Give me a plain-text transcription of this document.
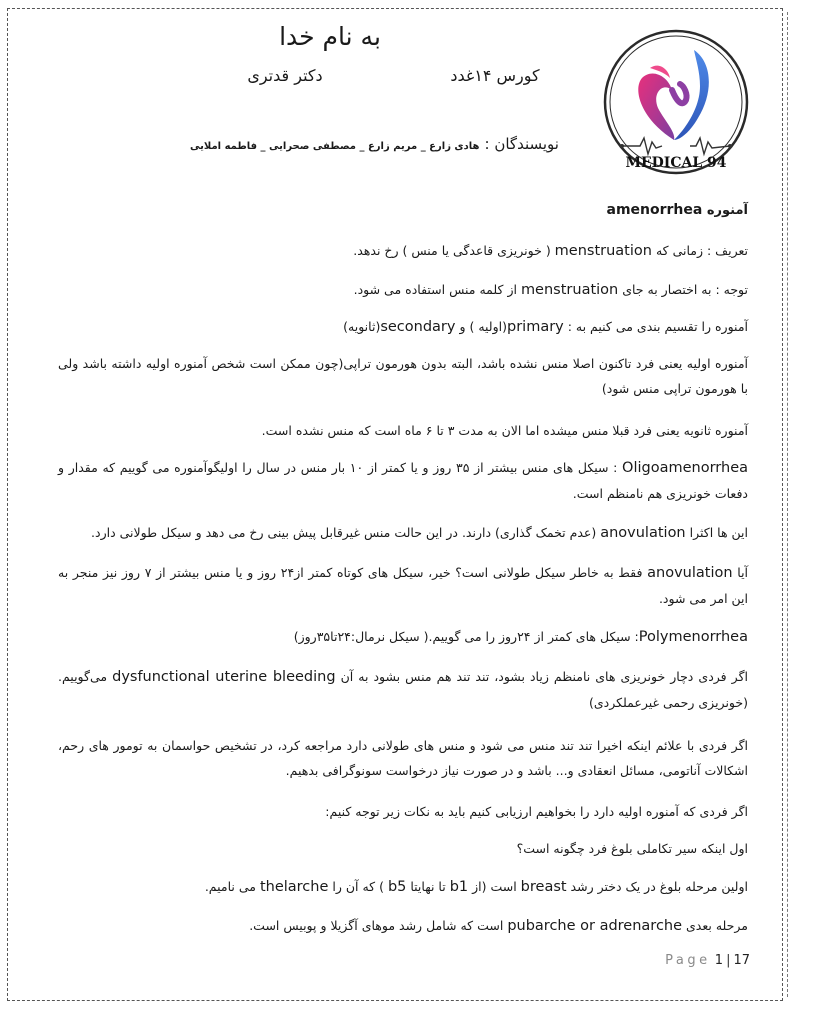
به نام خدا
کورس ۱۴غدد
دکتر قدتری
نویسندگان : هادی زارع _ مریم زارع _ مصطفی صحرایی _ فاطمه املایی
MEDICAL 94
آمنوره amenorrhea
تعریف : زمانی که menstruation ( خونریزی قاعدگی یا منس ) رخ ندهد.
توجه : به اختصار به جای menstruation از کلمه منس استفاده می شود.
آمنوره را تقسیم بندی می کنیم به : primary(اولیه ) و secondary(ثانویه)
آمنوره اولیه یعنی فرد تاکنون اصلا منس نشده باشد، البته بدون هورمون تراپی(چون ممکن است شخص آمنوره اولیه داشته باشد ولی با هورمون تراپی منس شود)
آمنوره ثانویه یعنی فرد قبلا منس میشده اما الان به مدت ۳ تا ۶ ماه است که منس نشده است.
Oligoamenorrhea : سیکل های منس بیشتر از ۳۵ روز و یا کمتر از ۱۰ بار منس در سال را اولیگوآمنوره می گوییم که مقدار و دفعات خونریزی هم نامنظم است.
این ها اکثرا anovulation (عدم تخمک گذاری) دارند. در این حالت منس غیرقابل پیش بینی رخ می دهد و سیکل طولانی دارد.
آیا anovulation فقط به خاطر سیکل طولانی است؟ خیر، سیکل های کوتاه کمتر از۲۴ روز و یا منس بیشتر از ۷ روز نیز منجر به این امر می شود.
Polymenorrhea: سیکل های کمتر از ۲۴روز را می گوییم.( سیکل نرمال:۲۴تا۳۵روز)
اگر فردی دچار خونریزی های نامنظم زیاد بشود، تند تند هم منس بشود به آن dysfunctional uterine bleeding می‌گوییم. (خونریزی رحمی غیرعملکردی)
اگر فردی با علائم اینکه اخیرا تند تند منس می شود و منس های طولانی دارد مراجعه کرد، در تشخیص حواسمان به تومور های رحم، اشکالات آناتومی، مسائل انعقادی و... باشد و در صورت نیاز درخواست سونوگرافی بدهیم.
اگر فردی که آمنوره اولیه دارد را بخواهیم ارزیابی کنیم باید به نکات زیر توجه کنیم:
اول اینکه سیر تکاملی بلوغ فرد چگونه است؟
اولین مرحله بلوغ در یک دختر رشد breast است (از b1 تا نهایتا b5 ) که آن را thelarche می نامیم.
مرحله بعدی pubarche or adrenarche است که شامل رشد موهای آگزیلا و پوبیس است.
Page 1 | 17
